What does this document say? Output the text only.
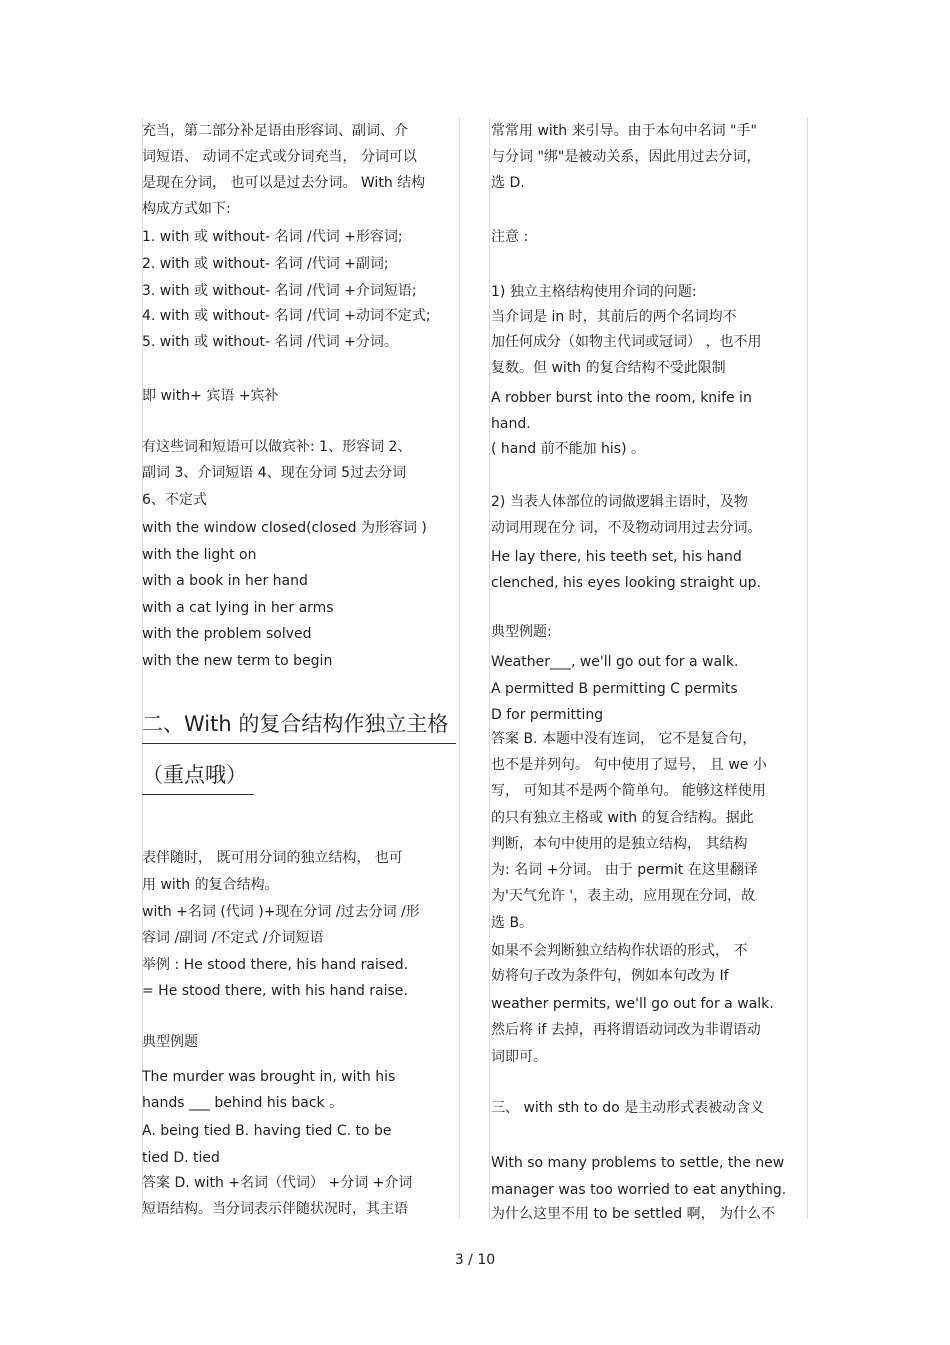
充当，第二部分补足语由形容词、副词、介
词短语、 动词不定式或分词充当， 分词可以
是现在分词， 也可以是过去分词。 With 结构
构成方式如下:
1. with 或 without- 名词 /代词 +形容词;
2. with 或 without- 名词 /代词 +副词;
3. with 或 without- 名词 /代词 +介词短语;
4. with 或 without- 名词 /代词 +动词不定式;
5. with 或 without- 名词 /代词 +分词。
即 with+ 宾语 +宾补
有这些词和短语可以做宾补: 1、形容词 2、
副词 3、介词短语 4、现在分词 5过去分词
6、不定式
with the window closed(closed 为形容词 )
with the light on
with a book in her hand
with a cat lying in her arms
with the problem solved
with the new term to begin
二、With 的复合结构作独立主格
（重点哦）
表伴随时， 既可用分词的独立结构， 也可
用 with 的复合结构。
with +名词 (代词 )+现在分词 /过去分词 /形
容词 /副词 /不定式 /介词短语
举例 : He stood there, his hand raised.
= He stood there, with his hand raise.
典型例题
The murder was brought in, with his
hands ___ behind his back 。
A. being tied B. having tied C. to be
tied D. tied
答案 D. with +名词（代词） +分词 +介词
短语结构。当分词表示伴随状况时，其主语
常常用 with 来引导。由于本句中名词 "手"
与分词 "绑"是被动关系，因此用过去分词，
选 D.
注意 :
1) 独立主格结构使用介词的问题:
当介词是 in 时，其前后的两个名词均不
加任何成分（如物主代词或冠词） ，也不用
复数。但 with 的复合结构不受此限制
A robber burst into the room, knife in
hand.
( hand 前不能加 his) 。
2) 当表人体部位的词做逻辑主语时，及物
动词用现在分 词，不及物动词用过去分词。
He lay there, his teeth set, his hand
clenched, his eyes looking straight up.
典型例题:
Weather___, we'll go out for a walk.
A permitted B permitting C permits
D for permitting
答案 B. 本题中没有连词， 它不是复合句，
也不是并列句。 句中使用了逗号， 且 we 小
写， 可知其不是两个简单句。 能够这样使用
的只有独立主格或 with 的复合结构。据此
判断，本句中使用的是独立结构， 其结构
为: 名词 +分词。 由于 permit 在这里翻译
为'天气允许 '，表主动，应用现在分词，故
选 B。
如果不会判断独立结构作状语的形式， 不
妨将句子改为条件句，例如本句改为 If
weather permits, we'll go out for a walk.
然后将 if 去掉，再将谓语动词改为非谓语动
词即可。
三、 with sth to do 是主动形式表被动含义
With so many problems to settle, the new
manager was too worried to eat anything.
为什么这里不用 to be settled 啊， 为什么不
3 / 10
